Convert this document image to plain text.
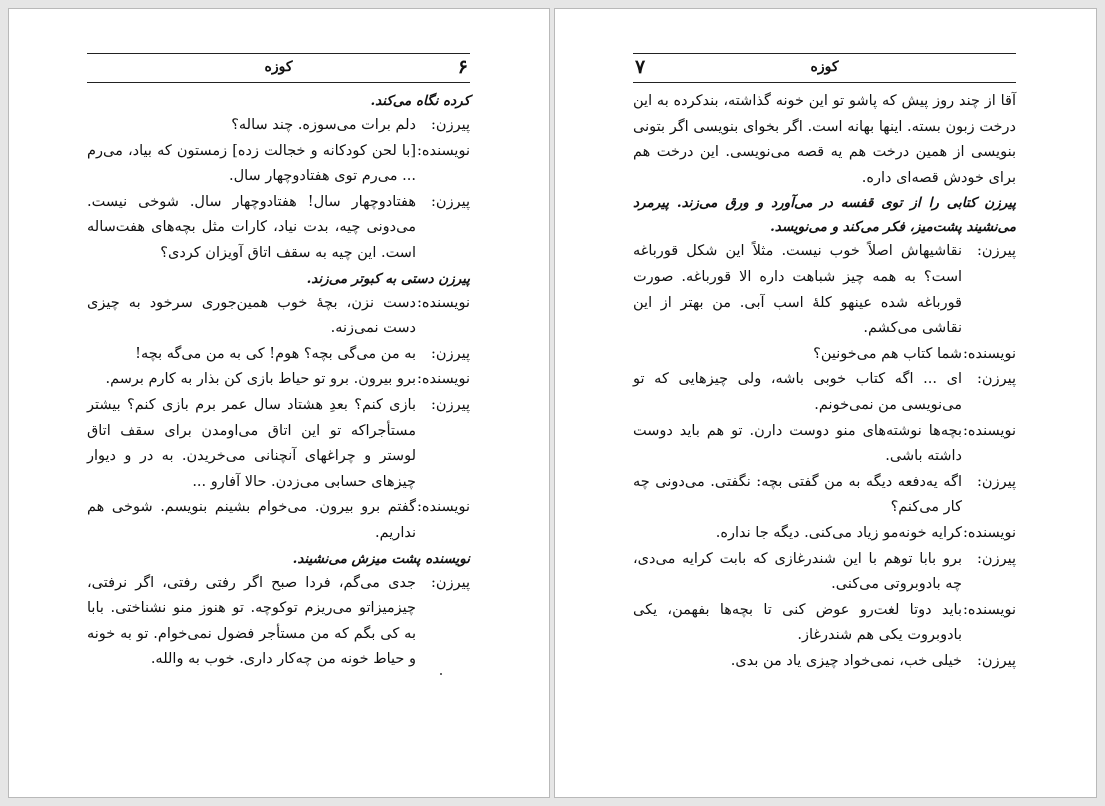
۶
کوزه
کرده نگاه می‌کند.
پیرزن:
دلم برات می‌سوزه. چند ساله‌؟
نویسنده:
[با لحن کودکانه و خجالت زده] زمستون که بیاد، می‌رم ... می‌رم توی هفتادوچهار سال.
پیرزن:
هفتادوچهار سال! هفتادوچهار سال. شوخی نیست. می‌دونی چیه، بدت نیاد، کارات مثل بچه‌های هفت‌ساله است. این چیه به سقف اتاق آویزان کردی؟
پیرزن دستی به کبوتر می‌زند.
نویسنده:
دست نزن، بچهٔ خوب همین‌جوری سرخود به چیزی دست نمی‌زنه.
پیرزن:
به من می‌گی بچه؟ هوم! کی به من می‌گه بچه!
نویسنده:
برو بیرون. برو تو حیاط بازی کن بذار به کارم برسم.
پیرزن:
بازی کنم؟ بعدِ هشتاد سال عمر برم بازی کنم؟ بیشتر مستأجراکه تو این اتاق می‌اومدن برای سقف اتاق لوستر و چراغهای آنچنانی می‌خریدن. به در و دیوار چیزهای حسابی می‌زدن. حالا آفارو ...
نویسنده:
گفتم برو بیرون. می‌خوام بشینم بنویسم. شوخی هم نداریم.
نویسنده پشت میزش می‌نشیند.
پیرزن:
جدی می‌گم، فردا صبح اگر رفتی رفتی، اگر نرفتی، چیزمیزاتو می‌ریزم توکوچه. تو هنوز منو نشناختی. بابا به کی بگم که من مستأجر فضول نمی‌خوام. تو به خونه و حیاط خونه من چه‌کار داری. خوب به والله.
۷	کوزه
آقا از چند روز پیش که پاشو تو این خونه گذاشته، بندکرده به این درخت زبون بسته. اینها بهانه است. اگر بخوای بنویسی اگر بتونی بنویسی از همین درخت هم یه قصه می‌نویسی. این درخت هم برای خودش قصه‌ای داره.
پیرزن کتابی را از توی قفسه در می‌آورد و ورق می‌زند. پیرمرد می‌نشیند پشت‌میز، فکر می‌کند و می‌نویسد.
پیرزن:
نقاشیهاش اصلاً خوب نیست. مثلاً این شکل قورباغه است؟ به همه چیز شباهت داره الا قورباغه. صورت قورباغه شده عینهو کلهٔ اسب آبی. من بهتر از این نقاشی می‌کشم.
نویسنده:
شما کتاب هم می‌خونین؟
پیرزن:
ای ... اگه کتاب خوبی باشه، ولی چیزهایی که تو می‌نویسی من نمی‌خونم.
نویسنده:
بچه‌ها نوشته‌های منو دوست دارن. تو هم باید دوست داشته باشی.
پیرزن:
اگه یه‌دفعه دیگه به من گفتی بچه: نگفتی. می‌دونی چه کار می‌کنم؟
نویسنده:
کرایه خونه‌مو زیاد می‌کنی. دیگه جا نداره.
پیرزن:
برو بابا توهم با این شندرغازی که بابت کرایه می‌دی، چه بادوبروتی می‌کنی.
نویسنده:
باید دوتا لغت‌رو عوض کنی تا بچه‌ها بفهمن، یکی بادوبروت یکی هم شندرغاز.
پیرزن:
خیلی خب، نمی‌خواد چیزی یاد من بدی.
